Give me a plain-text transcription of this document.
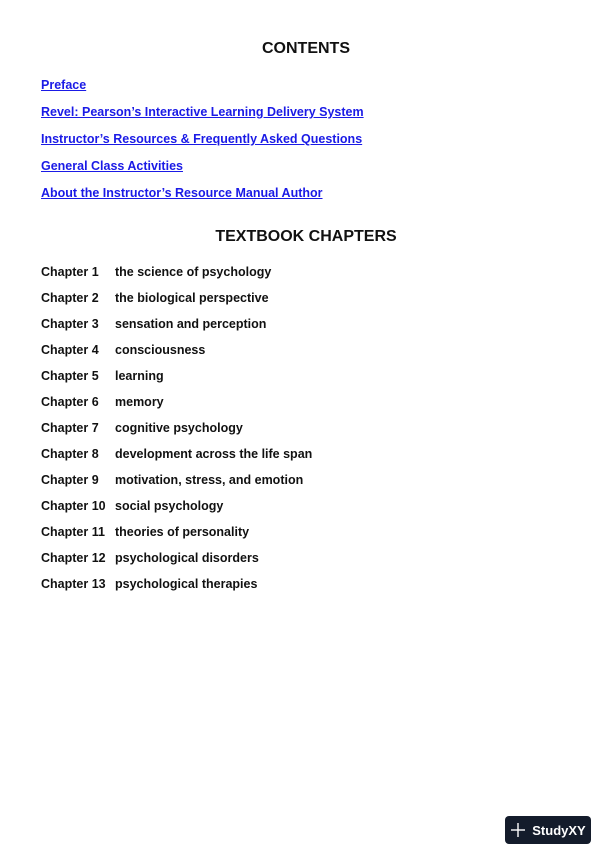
CONTENTS
Preface
Revel: Pearson’s Interactive Learning Delivery System
Instructor’s Resources & Frequently Asked Questions
General Class Activities
About the Instructor’s Resource Manual Author
TEXTBOOK CHAPTERS
Chapter 1 the science of psychology
Chapter 2 the biological perspective
Chapter 3 sensation and perception
Chapter 4 consciousness
Chapter 5 learning
Chapter 6 memory
Chapter 7 cognitive psychology
Chapter 8 development across the life span
Chapter 9 motivation, stress, and emotion
Chapter 10 social psychology
Chapter 11 theories of personality
Chapter 12 psychological disorders
Chapter 13 psychological therapies
StudyXY
